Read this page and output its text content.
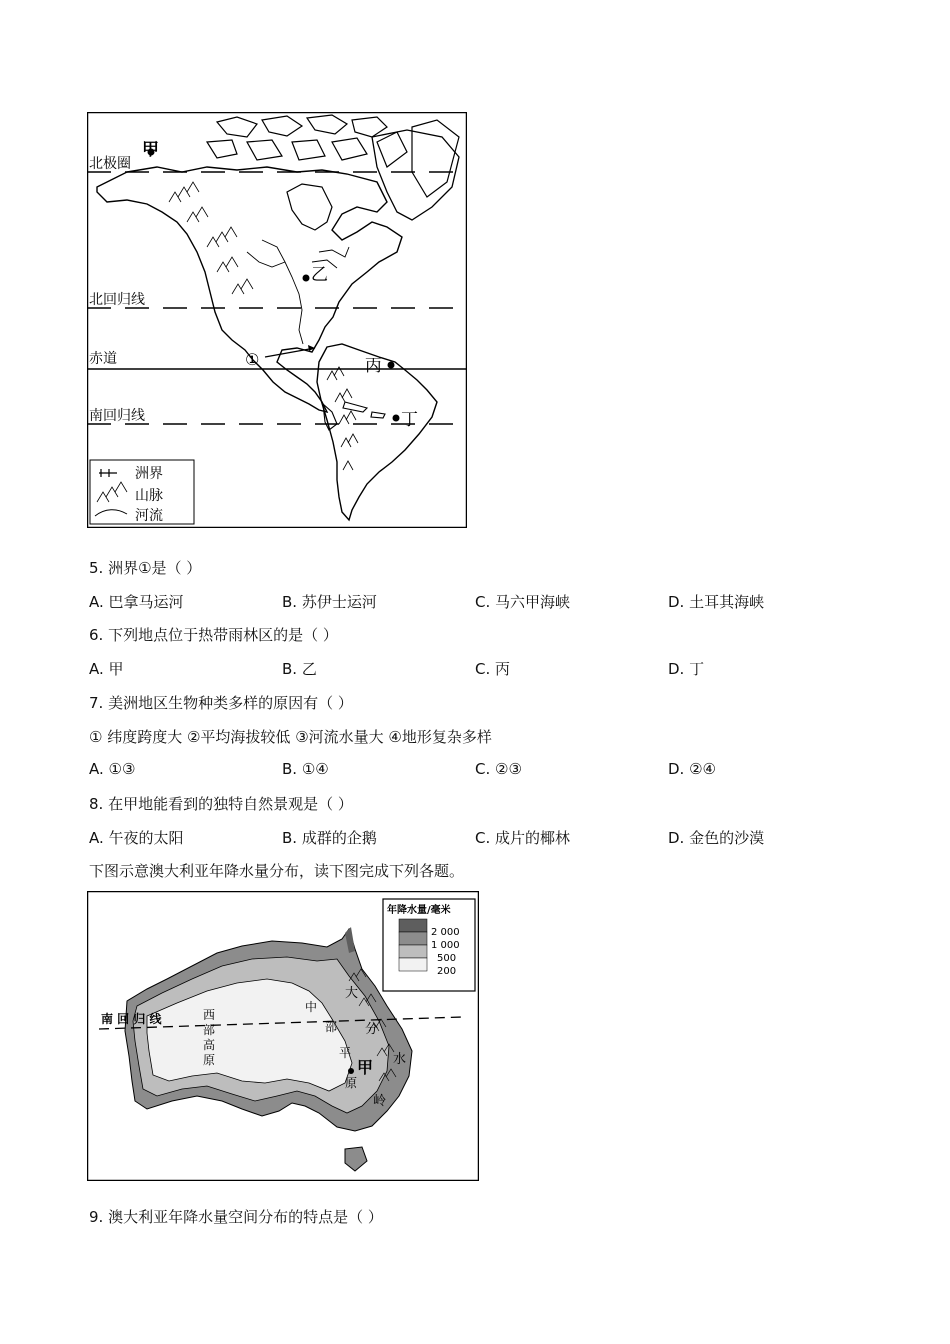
北极圈
北回归线
赤道
南回归线
甲
乙
丙
丁
①
洲界
山脉
河流
5. 洲界①是（ ）
A. 巴拿马运河	B. 苏伊士运河	C. 马六甲海峡	D. 土耳其海峡
6. 下列地点位于热带雨林区的是（ ）
A. 甲	B. 乙	C. 丙	D. 丁
7. 美洲地区生物种类多样的原因有（ ）
① 纬度跨度大 ②平均海拔较低 ③河流水量大 ④地形复杂多样
A. ①③	B. ①④	C. ②③	D. ②④
8. 在甲地能看到的独特自然景观是（ ）
A. 午夜的太阳	B. 成群的企鹅	C. 成片的椰林	D. 金色的沙漠
下图示意澳大利亚年降水量分布，读下图完成下列各题。
南 回 归 线	西
部
高
原
中
部
平
原
大
分
水
岭
甲
年降水量/毫米
2 000
1 000
500
200
9. 澳大利亚年降水量空间分布的特点是（ ）
